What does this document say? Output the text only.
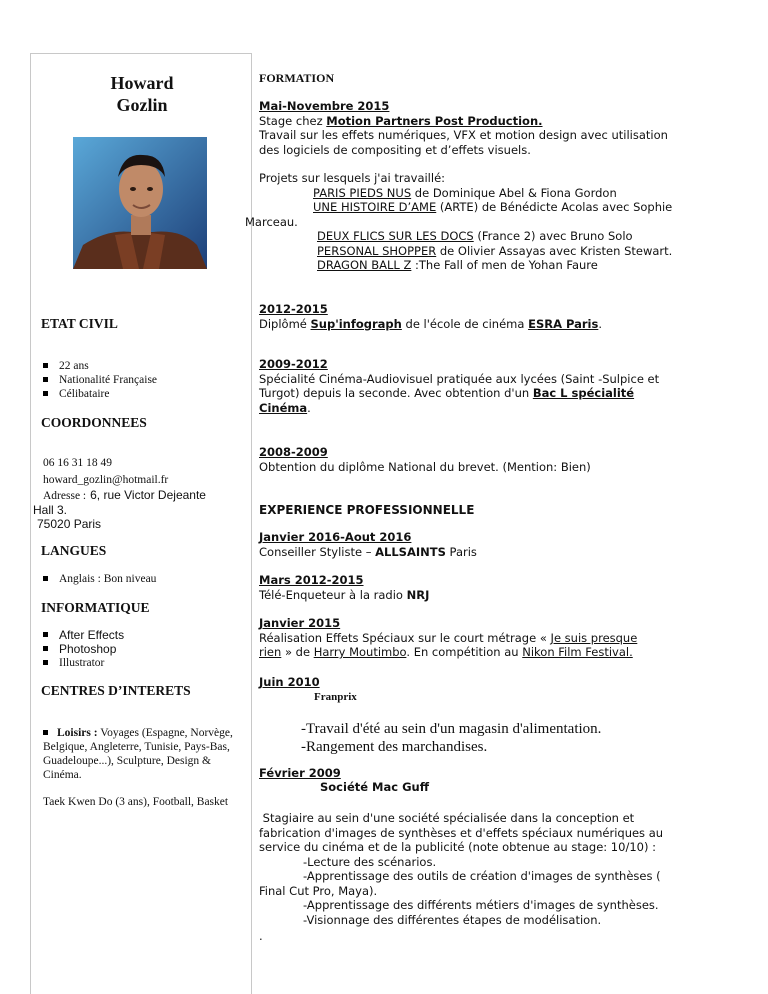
Howard
Gozlin
ETAT CIVIL
22 ans
Nationalité Française
Célibataire
COORDONNEES
06 16 31 18 49
howard_gozlin@hotmail.fr
Adresse : 6, rue Victor Dejeante
Hall 3.
75020 Paris
LANGUES
Anglais : Bon niveau
INFORMATIQUE
After Effects
Photoshop
Illustrator
CENTRES D’INTERETS
Loisirs : Voyages (Espagne, Norvège, Belgique, Angleterre, Tunisie, Pays-Bas, Guadeloupe...), Sculpture, Design & Cinéma.
Taek Kwen Do (3 ans), Football, Basket
FORMATION
Mai-Novembre 2015
Stage chez Motion Partners Post Production.
Travail sur les effets numériques, VFX et motion design avec utilisation
des logiciels de compositing et d’effets visuels.
Projets sur lesquels j'ai travaillé:
PARIS PIEDS NUS de Dominique Abel & Fiona Gordon
UNE HISTOIRE D’AME (ARTE) de Bénédicte Acolas avec Sophie
Marceau.
DEUX FLICS SUR LES DOCS (France 2) avec Bruno Solo
PERSONAL SHOPPER de Olivier Assayas avec Kristen Stewart.
DRAGON BALL Z :The Fall of men de Yohan Faure
2012-2015
Diplômé Sup'infograph de l'école de cinéma ESRA Paris.
2009-2012
Spécialité Cinéma-Audiovisuel pratiquée aux lycées (Saint -Sulpice et
Turgot) depuis la seconde. Avec obtention d'un Bac L spécialité
Cinéma.
2008-2009
Obtention du diplôme National du brevet. (Mention: Bien)
EXPERIENCE PROFESSIONNELLE
Janvier 2016-Aout 2016
Conseiller Styliste – ALLSAINTS Paris
Mars 2012-2015
Télé-Enqueteur à la radio NRJ
Janvier 2015
Réalisation Effets Spéciaux sur le court métrage « Je suis presque
rien » de Harry Moutimbo. En compétition au Nikon Film Festival.
Juin 2010
Franprix
-Travail d'été au sein d'un magasin d'alimentation.
-Rangement des marchandises.
Février 2009
Société Mac Guff
Stagiaire au sein d'une société spécialisée dans la conception et
fabrication d'images de synthèses et d'effets spéciaux numériques au
service du cinéma et de la publicité (note obtenue au stage: 10/10) :
-Lecture des scénarios.
-Apprentissage des outils de création d'images de synthèses (
Final Cut Pro, Maya).
-Apprentissage des différents métiers d'images de synthèses.
-Visionnage des différentes étapes de modélisation.
.
